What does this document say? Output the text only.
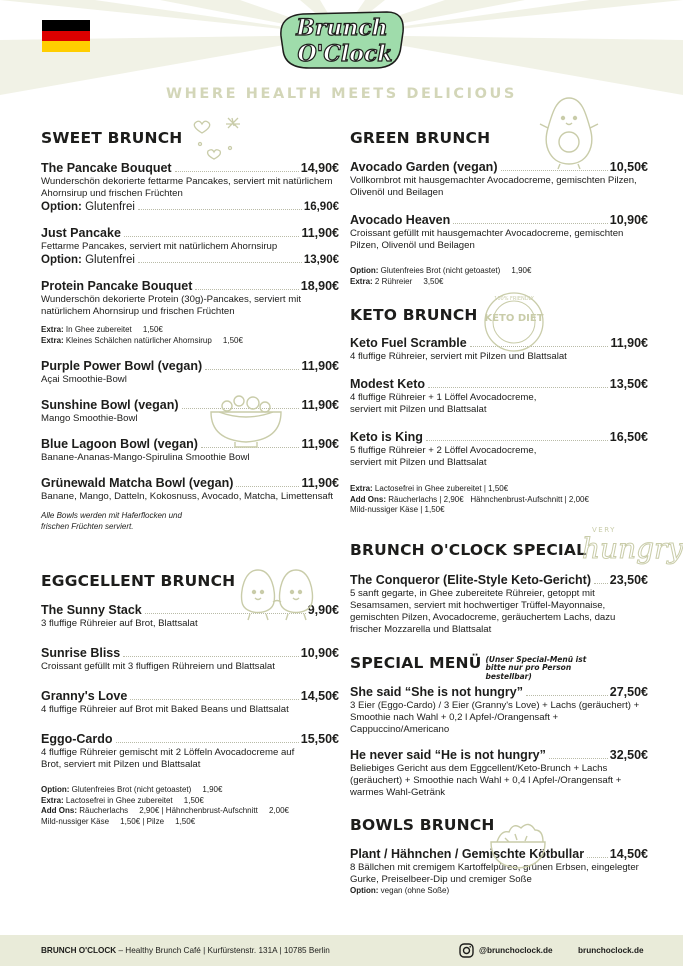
Brunch
O'Clock
WHERE HEALTH MEETS DELICIOUS
SWEET BRUNCH
The Pancake Bouquet	14,90€
Wunderschön dekorierte fettarme Pancakes, serviert mit natürlichem Ahornsirup und frischen Früchten
Option:
Glutenfrei	16,90€
Just Pancake	11,90€
Fettarme Pancakes, serviert mit natürlichem Ahornsirup
Option:
Glutenfrei	13,90€
Protein Pancake Bouquet	18,90€
Wunderschön dekorierte Protein (30g)-Pancakes, serviert mit natürlichem Ahornsirup und frischen Früchten
Extra: In Ghee zubereitet     1,50€
Extra: Kleines Schälchen natürlicher Ahornsirup     1,50€
Purple Power Bowl (vegan)	11,90€
Açai Smoothie-Bowl
Sunshine Bowl (vegan)	11,90€
Mango Smoothie-Bowl
Blue Lagoon Bowl (vegan)	11,90€
Banane-Ananas-Mango-Spirulina Smoothie Bowl
Grünewald Matcha Bowl (vegan)	11,90€
Banane, Mango, Datteln, Kokosnuss, Avocado, Matcha, Limettensaft
Alle Bowls werden mit Haferflocken und frischen Früchten serviert.
EGGCELLENT BRUNCH
The Sunny Stack	9,90€
3 fluffige Rühreier auf Brot, Blattsalat
Sunrise Bliss	10,90€
Croissant gefüllt mit 3 fluffigen Rühreiern und Blattsalat
Granny's Love	14,50€
4 fluffige Rühreier auf Brot mit Baked Beans und Blattsalat
Eggo-Cardo	15,50€
4 fluffige Rühreier gemischt mit 2 Löffeln Avocadocreme auf Brot, serviert mit Pilzen und Blattsalat
Option: Glutenfreies Brot (nicht getoastet)     1,90€
Extra: Lactosefrei in Ghee zubereitet     1,50€
Add Ons: Räucherlachs     2,90€ | Hähnchenbrust-Aufschnitt     2,00€
Mild-nussiger Käse     1,50€ | Pilze     1,50€
GREEN BRUNCH
Avocado Garden (vegan)	10,50€
Vollkornbrot mit hausgemachter Avocadocreme, gemischten Pilzen, Olivenöl und Beilagen
Avocado Heaven	10,90€
Croissant gefüllt mit hausgemachter Avocadocreme, gemischten Pilzen, Olivenöl und Beilagen
Option: Glutenfreies Brot (nicht getoastet)     1,90€
Extra: 2 Rühreier     3,50€
KETO BRUNCH
Keto Fuel Scramble	11,90€
4 fluffige Rühreier, serviert mit Pilzen und Blattsalat
Modest Keto	13,50€
4 fluffige Rühreier + 1 Löffel Avocadocreme, serviert mit Pilzen und Blattsalat
Keto is King	16,50€
5 fluffige Rühreier + 2 Löffel Avocadocreme, serviert mit Pilzen und Blattsalat
Extra: Lactosefrei in Ghee zubereitet | 1,50€
Add Ons: Räucherlachs | 2,90€   Hähnchenbrust-Aufschnitt | 2,00€
Mild-nussiger Käse | 1,50€
BRUNCH O'CLOCK SPECIAL
The Conqueror (Elite-Style Keto-Gericht) 23,50€
5 sanft gegarte, in Ghee zubereitete Rühreier, getoppt mit Sesamsamen, serviert mit hochwertiger Trüffel-Mayonnaise, gemischten Pilzen, Avocadocreme, geräuchertem Lachs, dazu frischer Mozzarella und Blattsalat
SPECIAL MENÜ (Unser Special-Menü ist bitte nur pro Person bestellbar)
She said “She is not hungry”	27,50€
3 Eier (Eggo-Cardo) / 3 Eier (Granny's Love) + Lachs (geräuchert) + Smoothie nach Wahl + 0,2 l Apfel-/Orangensaft + Cappuccino/Americano
He never said “He is not hungry”	32,50€
Beliebiges Gericht aus dem Eggcellent/Keto-Brunch + Lachs (geräuchert) + Smoothie nach Wahl + 0,4 l Apfel-/Orangensaft + warmes Wahl-Getränk
BOWLS BRUNCH
Plant / Hähnchen / Gemischte Kötbullar 14,50€
8 Bällchen mit cremigem Kartoffelpüree, grünen Erbsen, eingelegter Gurke, Preiselbeer-Dip und cremiger Soße
Option: vegan (ohne Soße)
KETO DIET
100% FRIENDLY
VERY
hungry
BRUNCH O'CLOCK – Healthy Brunch Café | Kurfürstenstr. 131A | 10785 Berlin	@brunchoclock.de	brunchoclock.de
